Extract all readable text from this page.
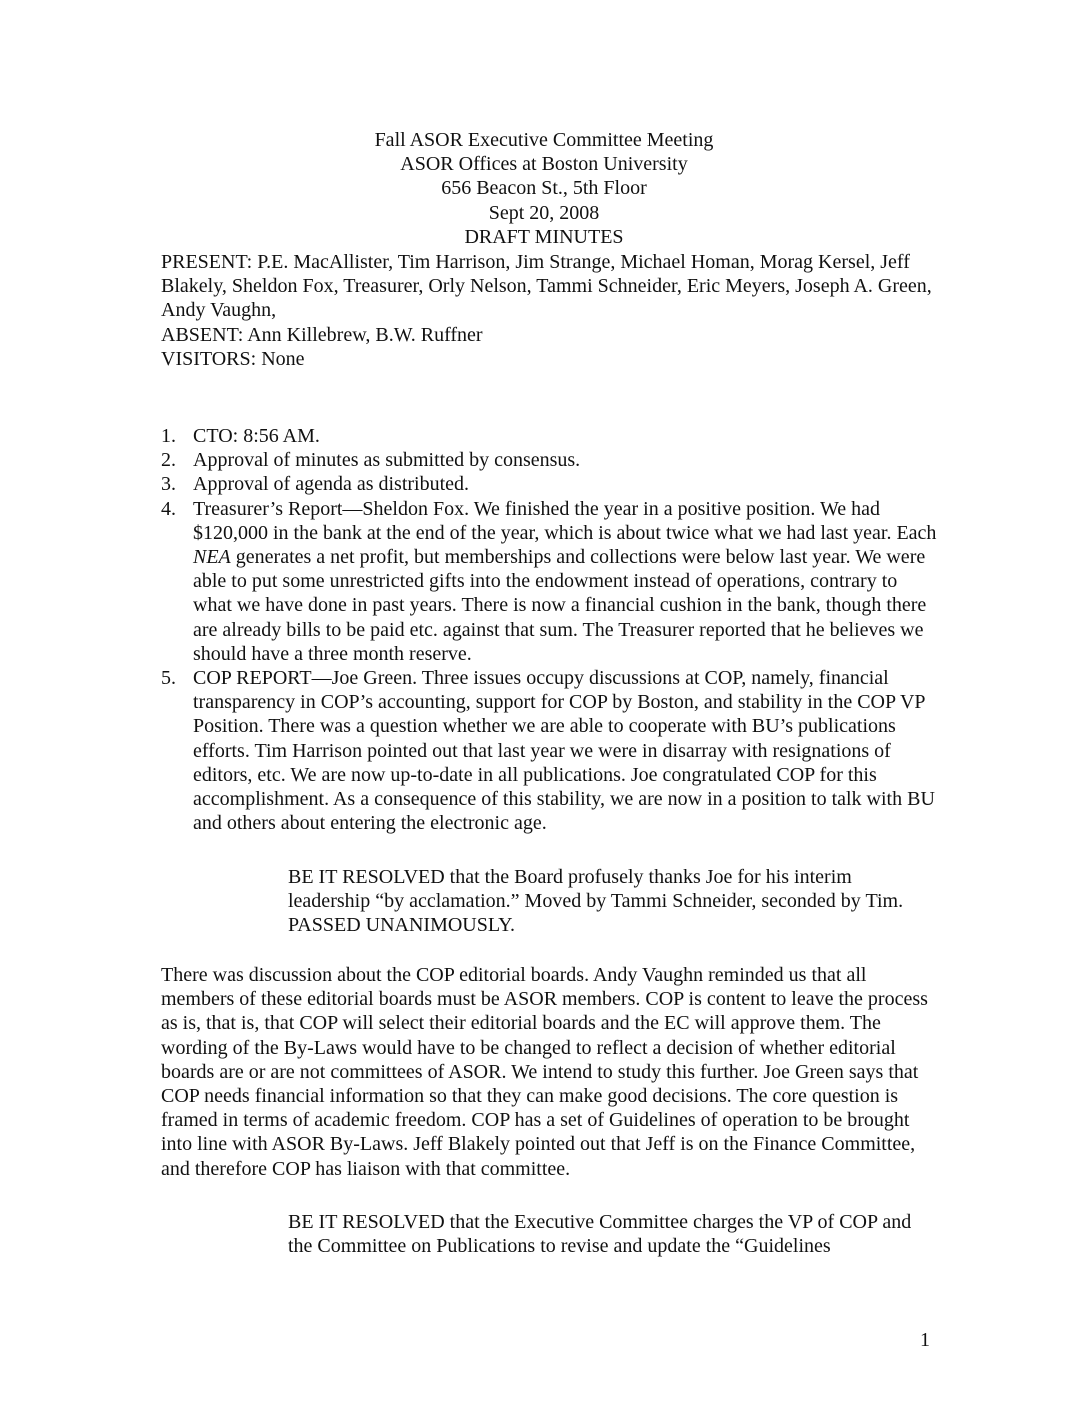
Fall ASOR Executive Committee Meeting
ASOR Offices at Boston University
656 Beacon St., 5th Floor
Sept 20, 2008
DRAFT MINUTES

PRESENT: P.E. MacAllister, Tim Harrison, Jim Strange, Michael Homan, Morag Kersel, Jeff Blakely, Sheldon Fox, Treasurer, Orly Nelson, Tammi Schneider, Eric Meyers, Joseph A. Green, Andy Vaughn,

ABSENT: Ann Killebrew, B.W. Ruffner

VISITORS: None

1. CTO: 8:56 AM.
2. Approval of minutes as submitted by consensus.
3. Approval of agenda as distributed.
4. Treasurer’s Report—Sheldon Fox. We finished the year in a positive position. We had $120,000 in the bank at the end of the year, which is about twice what we had last year. Each NEA generates a net profit, but memberships and collections were below last year. We were able to put some unrestricted gifts into the endowment instead of operations, contrary to what we have done in past years. There is now a financial cushion in the bank, though there are already bills to be paid etc. against that sum. The Treasurer reported that he believes we should have a three month reserve.
5. COP REPORT—Joe Green. Three issues occupy discussions at COP, namely, financial transparency in COP’s accounting, support for COP by Boston, and stability in the COP VP Position. There was a question whether we are able to cooperate with BU’s publications efforts. Tim Harrison pointed out that last year we were in disarray with resignations of editors, etc. We are now up-to-date in all publications. Joe congratulated COP for this accomplishment. As a consequence of this stability, we are now in a position to talk with BU and others about entering the electronic age.

BE IT RESOLVED that the Board profusely thanks Joe for his interim leadership “by acclamation.” Moved by Tammi Schneider, seconded by Tim. PASSED UNANIMOUSLY.

There was discussion about the COP editorial boards. Andy Vaughn reminded us that all members of these editorial boards must be ASOR members. COP is content to leave the process as is, that is, that COP will select their editorial boards and the EC will approve them. The wording of the By-Laws would have to be changed to reflect a decision of whether editorial boards are or are not committees of ASOR. We intend to study this further. Joe Green says that COP needs financial information so that they can make good decisions. The core question is framed in terms of academic freedom. COP has a set of Guidelines of operation to be brought into line with ASOR By-Laws. Jeff Blakely pointed out that Jeff is on the Finance Committee, and therefore COP has liaison with that committee.

BE IT RESOLVED that the Executive Committee charges the VP of COP and the Committee on Publications to revise and update the “Guidelines

1
